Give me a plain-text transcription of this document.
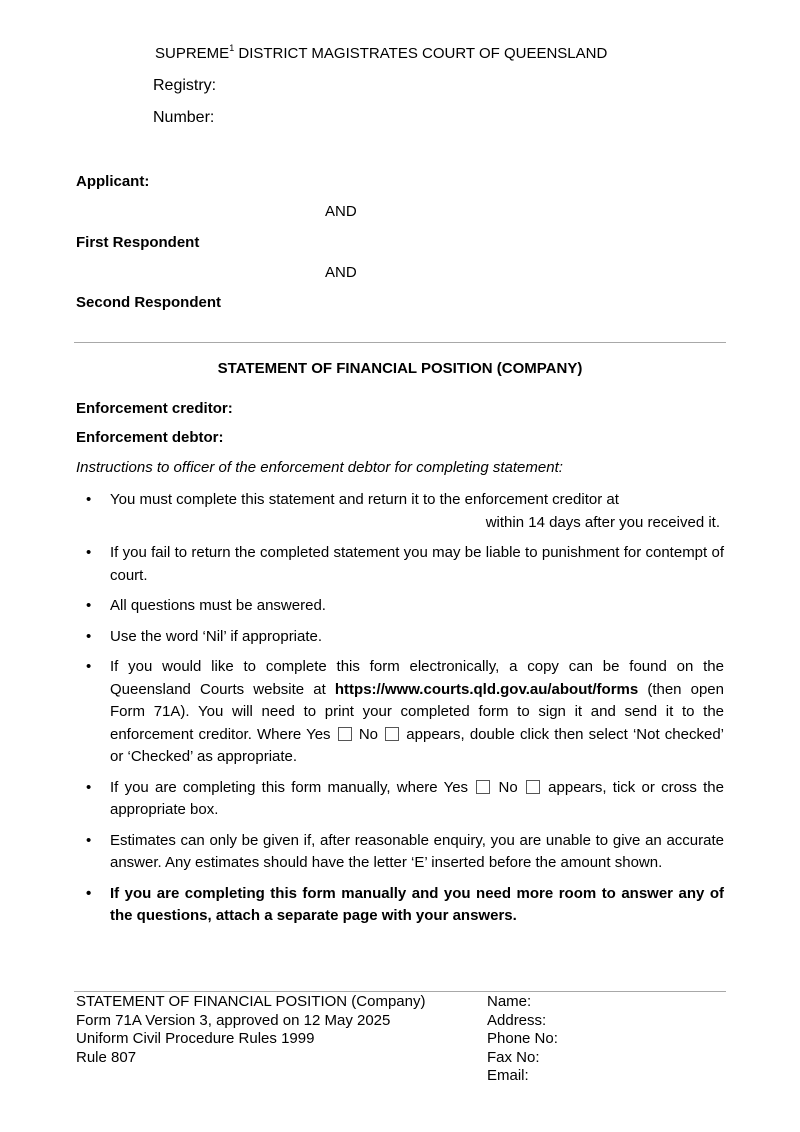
SUPREME$^1$ DISTRICT MAGISTRATES COURT OF QUEENSLAND
Registry:
Number:
Applicant:
AND
First Respondent
AND
Second Respondent
STATEMENT OF FINANCIAL POSITION (COMPANY)
Enforcement creditor:
Enforcement debtor:
Instructions to officer of the enforcement debtor for completing statement:
• You must complete this statement and return it to the enforcement creditor at
within 14 days after you received it.
• If you fail to return the completed statement you may be liable to punishment for contempt of court.
• All questions must be answered.
• Use the word ‘Nil’ if appropriate.
• If you would like to complete this form electronically, a copy can be found on the Queensland Courts website at https://www.courts.qld.gov.au/about/forms (then open Form 71A). You will need to print your completed form to sign it and send it to the enforcement creditor. Where Yes  No  appears, double click then select ‘Not checked’ or ‘Checked’ as appropriate.
• If you are completing this form manually, where Yes  No  appears, tick or cross the appropriate box.
• Estimates can only be given if, after reasonable enquiry, you are unable to give an accurate answer. Any estimates should have the letter ‘E’ inserted before the amount shown.
• If you are completing this form manually and you need more room to answer any of the questions, attach a separate page with your answers.
STATEMENT OF FINANCIAL POSITION (Company)
Form 71A Version 3, approved on 12 May 2025
Uniform Civil Procedure Rules 1999
Rule 807
Name:
Address:
Phone No:
Fax No:
Email:
